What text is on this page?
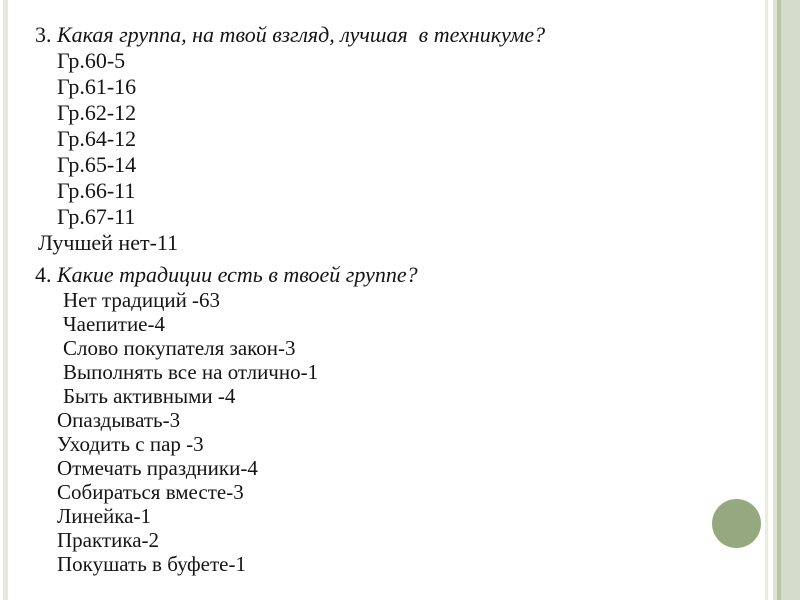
3. Какая группа, на твой взгляд, лучшая  в техникуме?
Гр.60-5
Гр.61-16
Гр.62-12
Гр.64-12
Гр.65-14
Гр.66-11
Гр.67-11
Лучшей нет-11
4. Какие традиции есть в твоей группе?
Нет традиций -63
Чаепитие-4
Слово покупателя закон-3
Выполнять все на отлично-1
Быть активными -4
Опаздывать-3
Уходить с пар -3
Отмечать праздники-4
Собираться вместе-3
Линейка-1
Практика-2
Покушать в буфете-1
